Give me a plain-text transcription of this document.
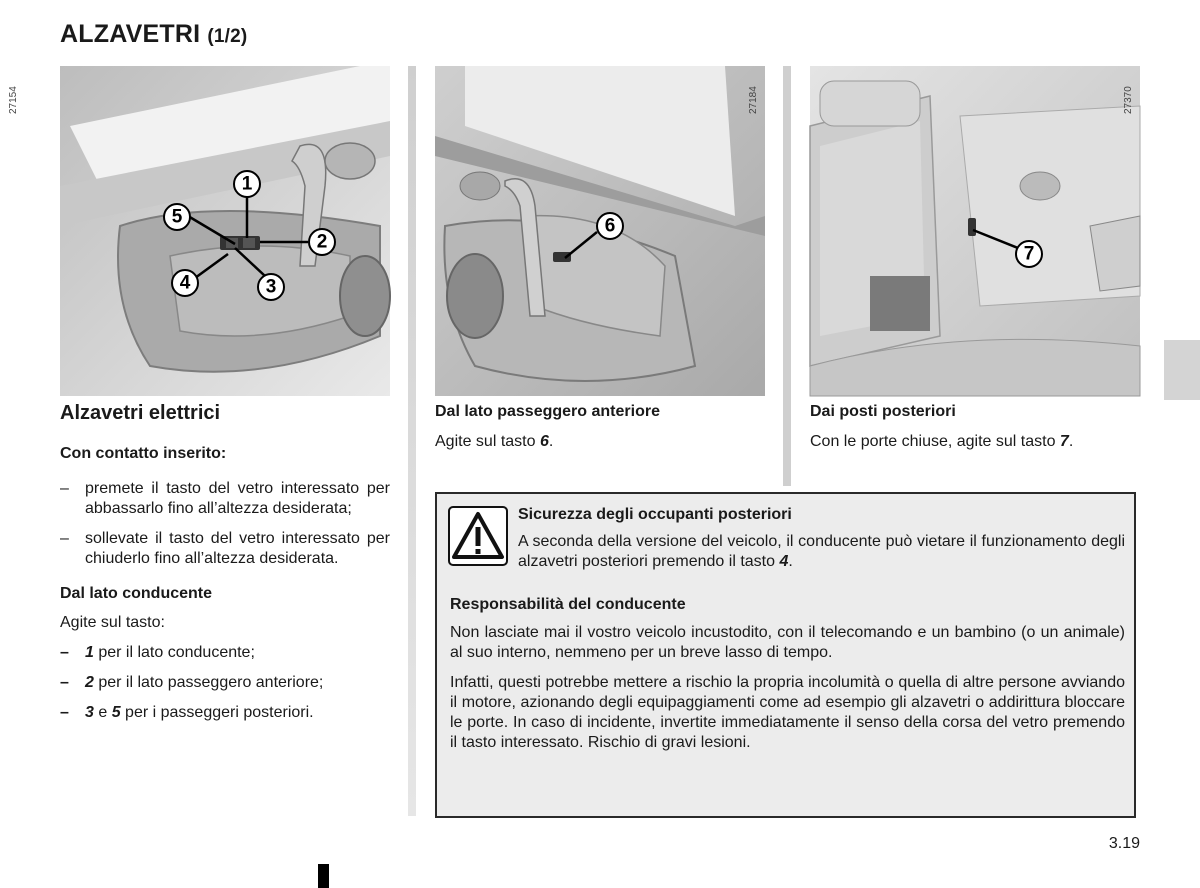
ALZAVETRI (1/2)
27154
1
2
3
4
5
27184
6
27370
7
Alzavetri elettrici
Con contatto inserito:
– premete il tasto del vetro interessato per abbassarlo fino all’altezza desiderata;
– sollevate il tasto del vetro interessato per chiuderlo fino all’altezza desiderata.
Dal lato conducente
Agite sul tasto:
– 1 per il lato conducente;
– 2 per il lato passeggero anteriore;
– 3 e 5 per i passeggeri posteriori.
Dal lato passeggero anteriore
Agite sul tasto 6.
Dai posti posteriori
Con le porte chiuse, agite sul tasto 7.
Sicurezza degli occupanti posteriori
A seconda della versione del veicolo, il conducente può vietare il funzionamento degli alzavetri posteriori premendo il tasto 4.
Responsabilità del conducente
Non lasciate mai il vostro veicolo incustodito, con il telecomando e un bambino (o un animale) al suo interno, nemmeno per un breve lasso di tempo.
Infatti, questi potrebbe mettere a rischio la propria incolumità o quella di altre persone avviando il motore, azionando degli equipaggiamenti come ad esempio gli alzavetri o addirittura bloccare le porte. In caso di incidente, invertite immediatamente il senso della corsa del vetro premendo il tasto interessato. Rischio di gravi lesioni.
3.19
